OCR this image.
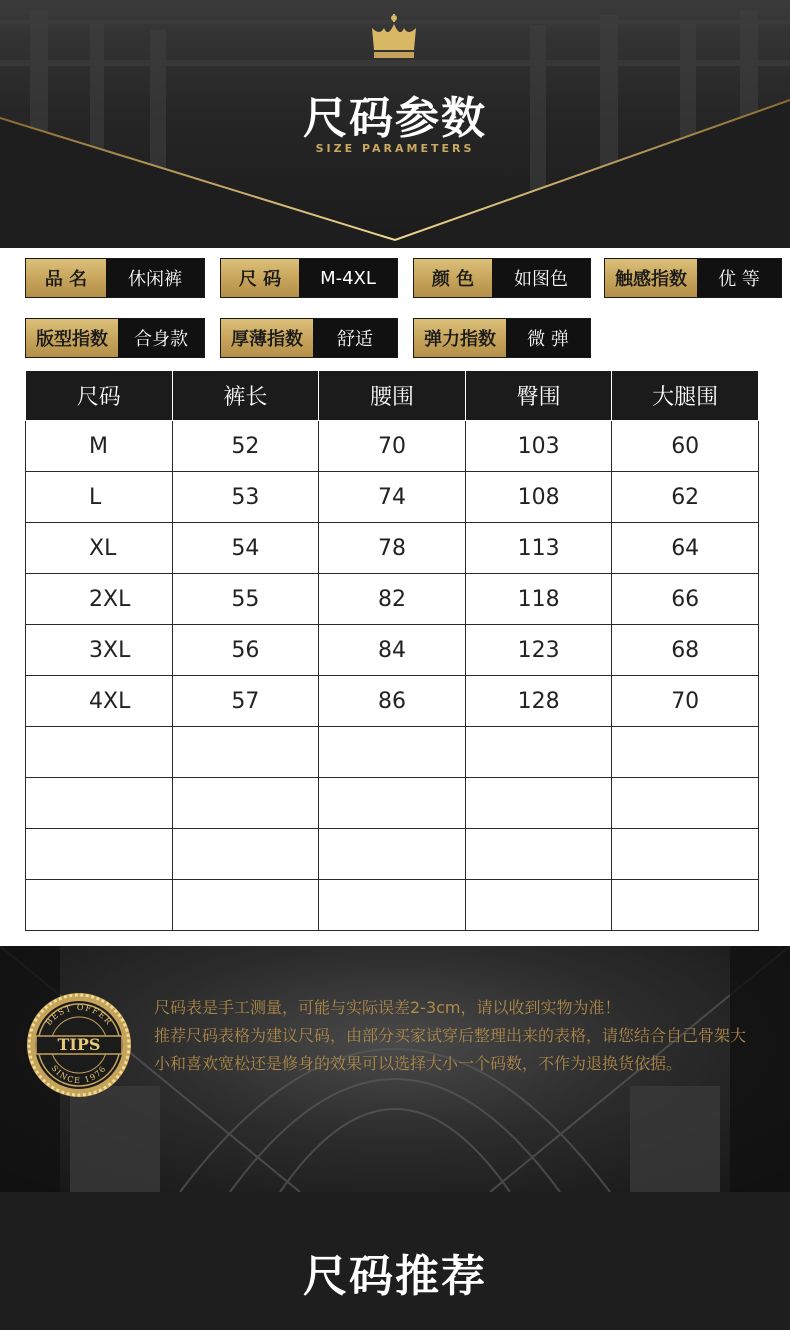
尺码参数
SIZE PARAMETERS
品 名	休闲裤	尺 码	M-4XL	颜 色	如图色	触感指数	优 等
版型指数	合身款	厚薄指数	舒适	弹力指数	微 弹
尺码	裤长	腰围	臀围	大腿围
M	52	70	103	60
L	53	74	108	62
XL	54	78	113	64
2XL	55	82	118	66
3XL	56	84	123	68
4XL	57	86	128	70

BEST OFFER
SINCE 1976
TIPS
尺码表是手工测量，可能与实际误差2-3cm，请以收到实物为准！
推荐尺码表格为建议尺码，由部分买家试穿后整理出来的表格，请您结合自己骨架大小和喜欢宽松还是修身的效果可以选择大小一个码数，不作为退换货依据。
尺码推荐
